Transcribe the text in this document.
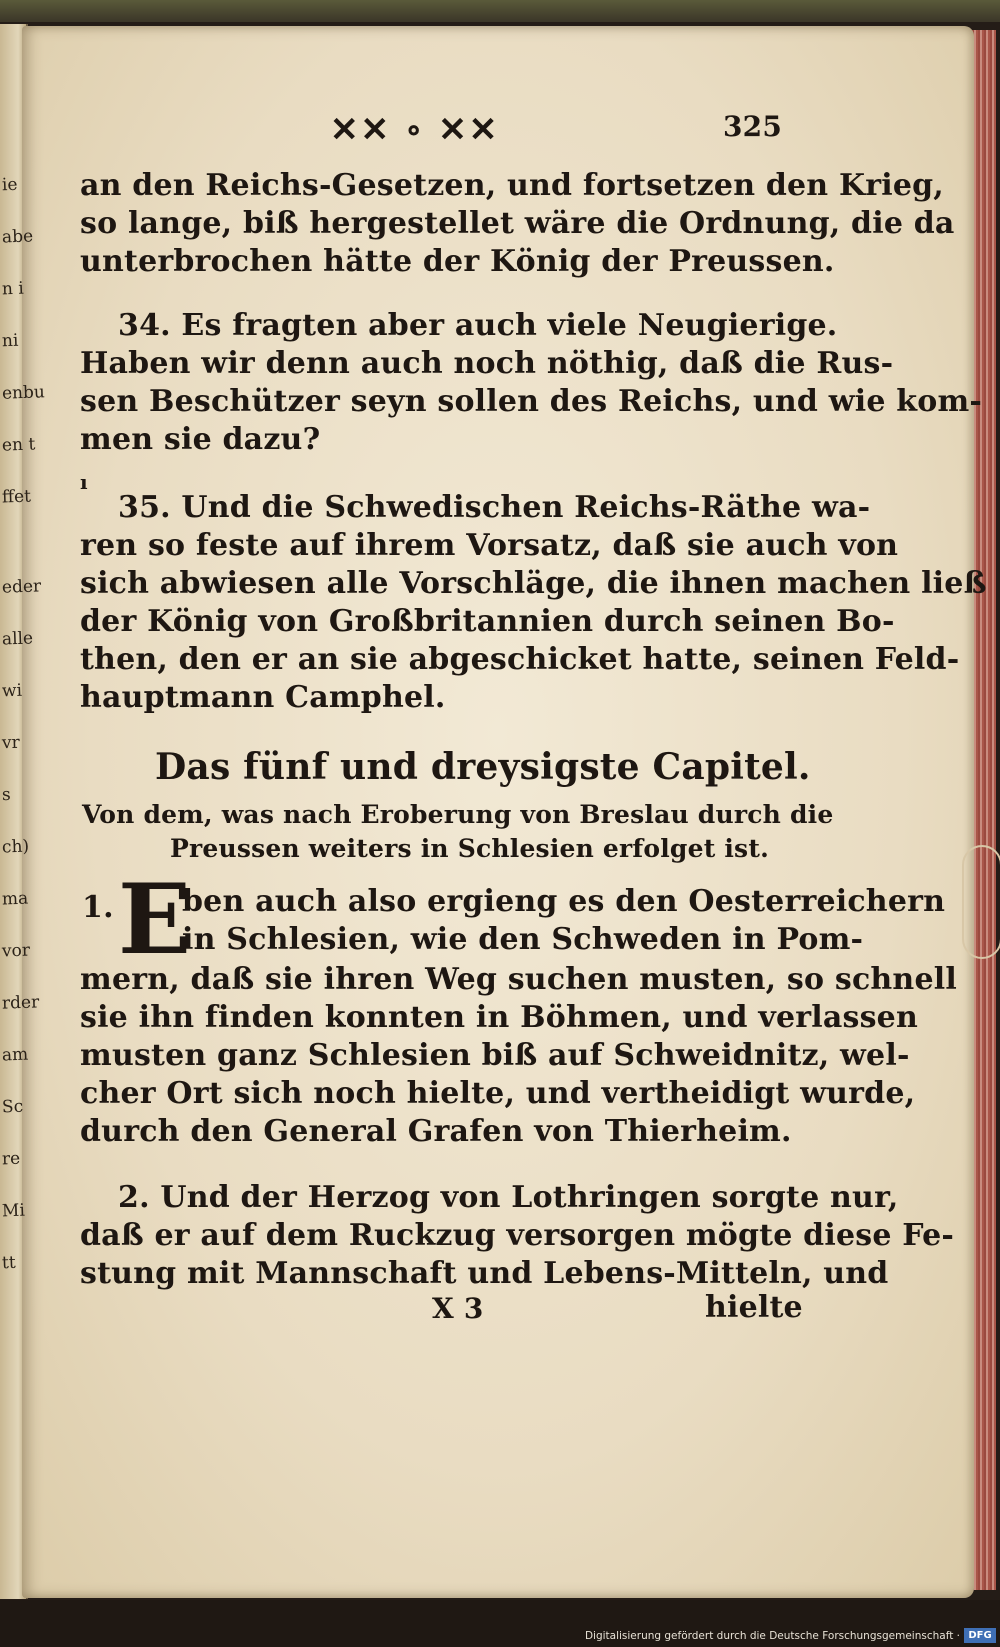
ie
abe
n i
ni
enbu
en t
ffet
eder
alle
wi
vr
s
ch)
ma
vor
rder
am
Sc
re
Mi
tt
✕✕ ∘ ✕✕	325
ı
an den Reichs-Gesetzen, und fortsetzen den Krieg,
so lange, biß hergestellet wäre die Ordnung, die da
unterbrochen hätte der König der Preussen.
34. Es fragten aber auch viele Neugierige.
Haben wir denn auch noch nöthig, daß die Rus-
sen Beschützer seyn sollen des Reichs, und wie kom-
men sie dazu?
35. Und die Schwedischen Reichs-Räthe wa-
ren so feste auf ihrem Vorsatz, daß sie auch von
sich abwiesen alle Vorschläge, die ihnen machen ließ
der König von Großbritannien durch seinen Bo-
then, den er an sie abgeschicket hatte, seinen Feld-
hauptmann Camphel.
Das fünf und dreysigste Capitel.
Von dem, was nach Eroberung von Breslau durch die
Preussen weiters in Schlesien erfolget ist.
1. E
ben auch also ergieng es den Oesterreichern
in Schlesien, wie den Schweden in Pom-
mern, daß sie ihren Weg suchen musten, so schnell
sie ihn finden konnten in Böhmen, und verlassen
musten ganz Schlesien biß auf Schweidnitz, wel-
cher Ort sich noch hielte, und vertheidigt wurde,
durch den General Grafen von Thierheim.
2. Und der Herzog von Lothringen sorgte nur,
daß er auf dem Ruckzug versorgen mögte diese Fe-
stung mit Mannschaft und Lebens-Mitteln, und
X 3	hielte
Digitalisierung gefördert durch die Deutsche Forschungsgemeinschaft · DFG
